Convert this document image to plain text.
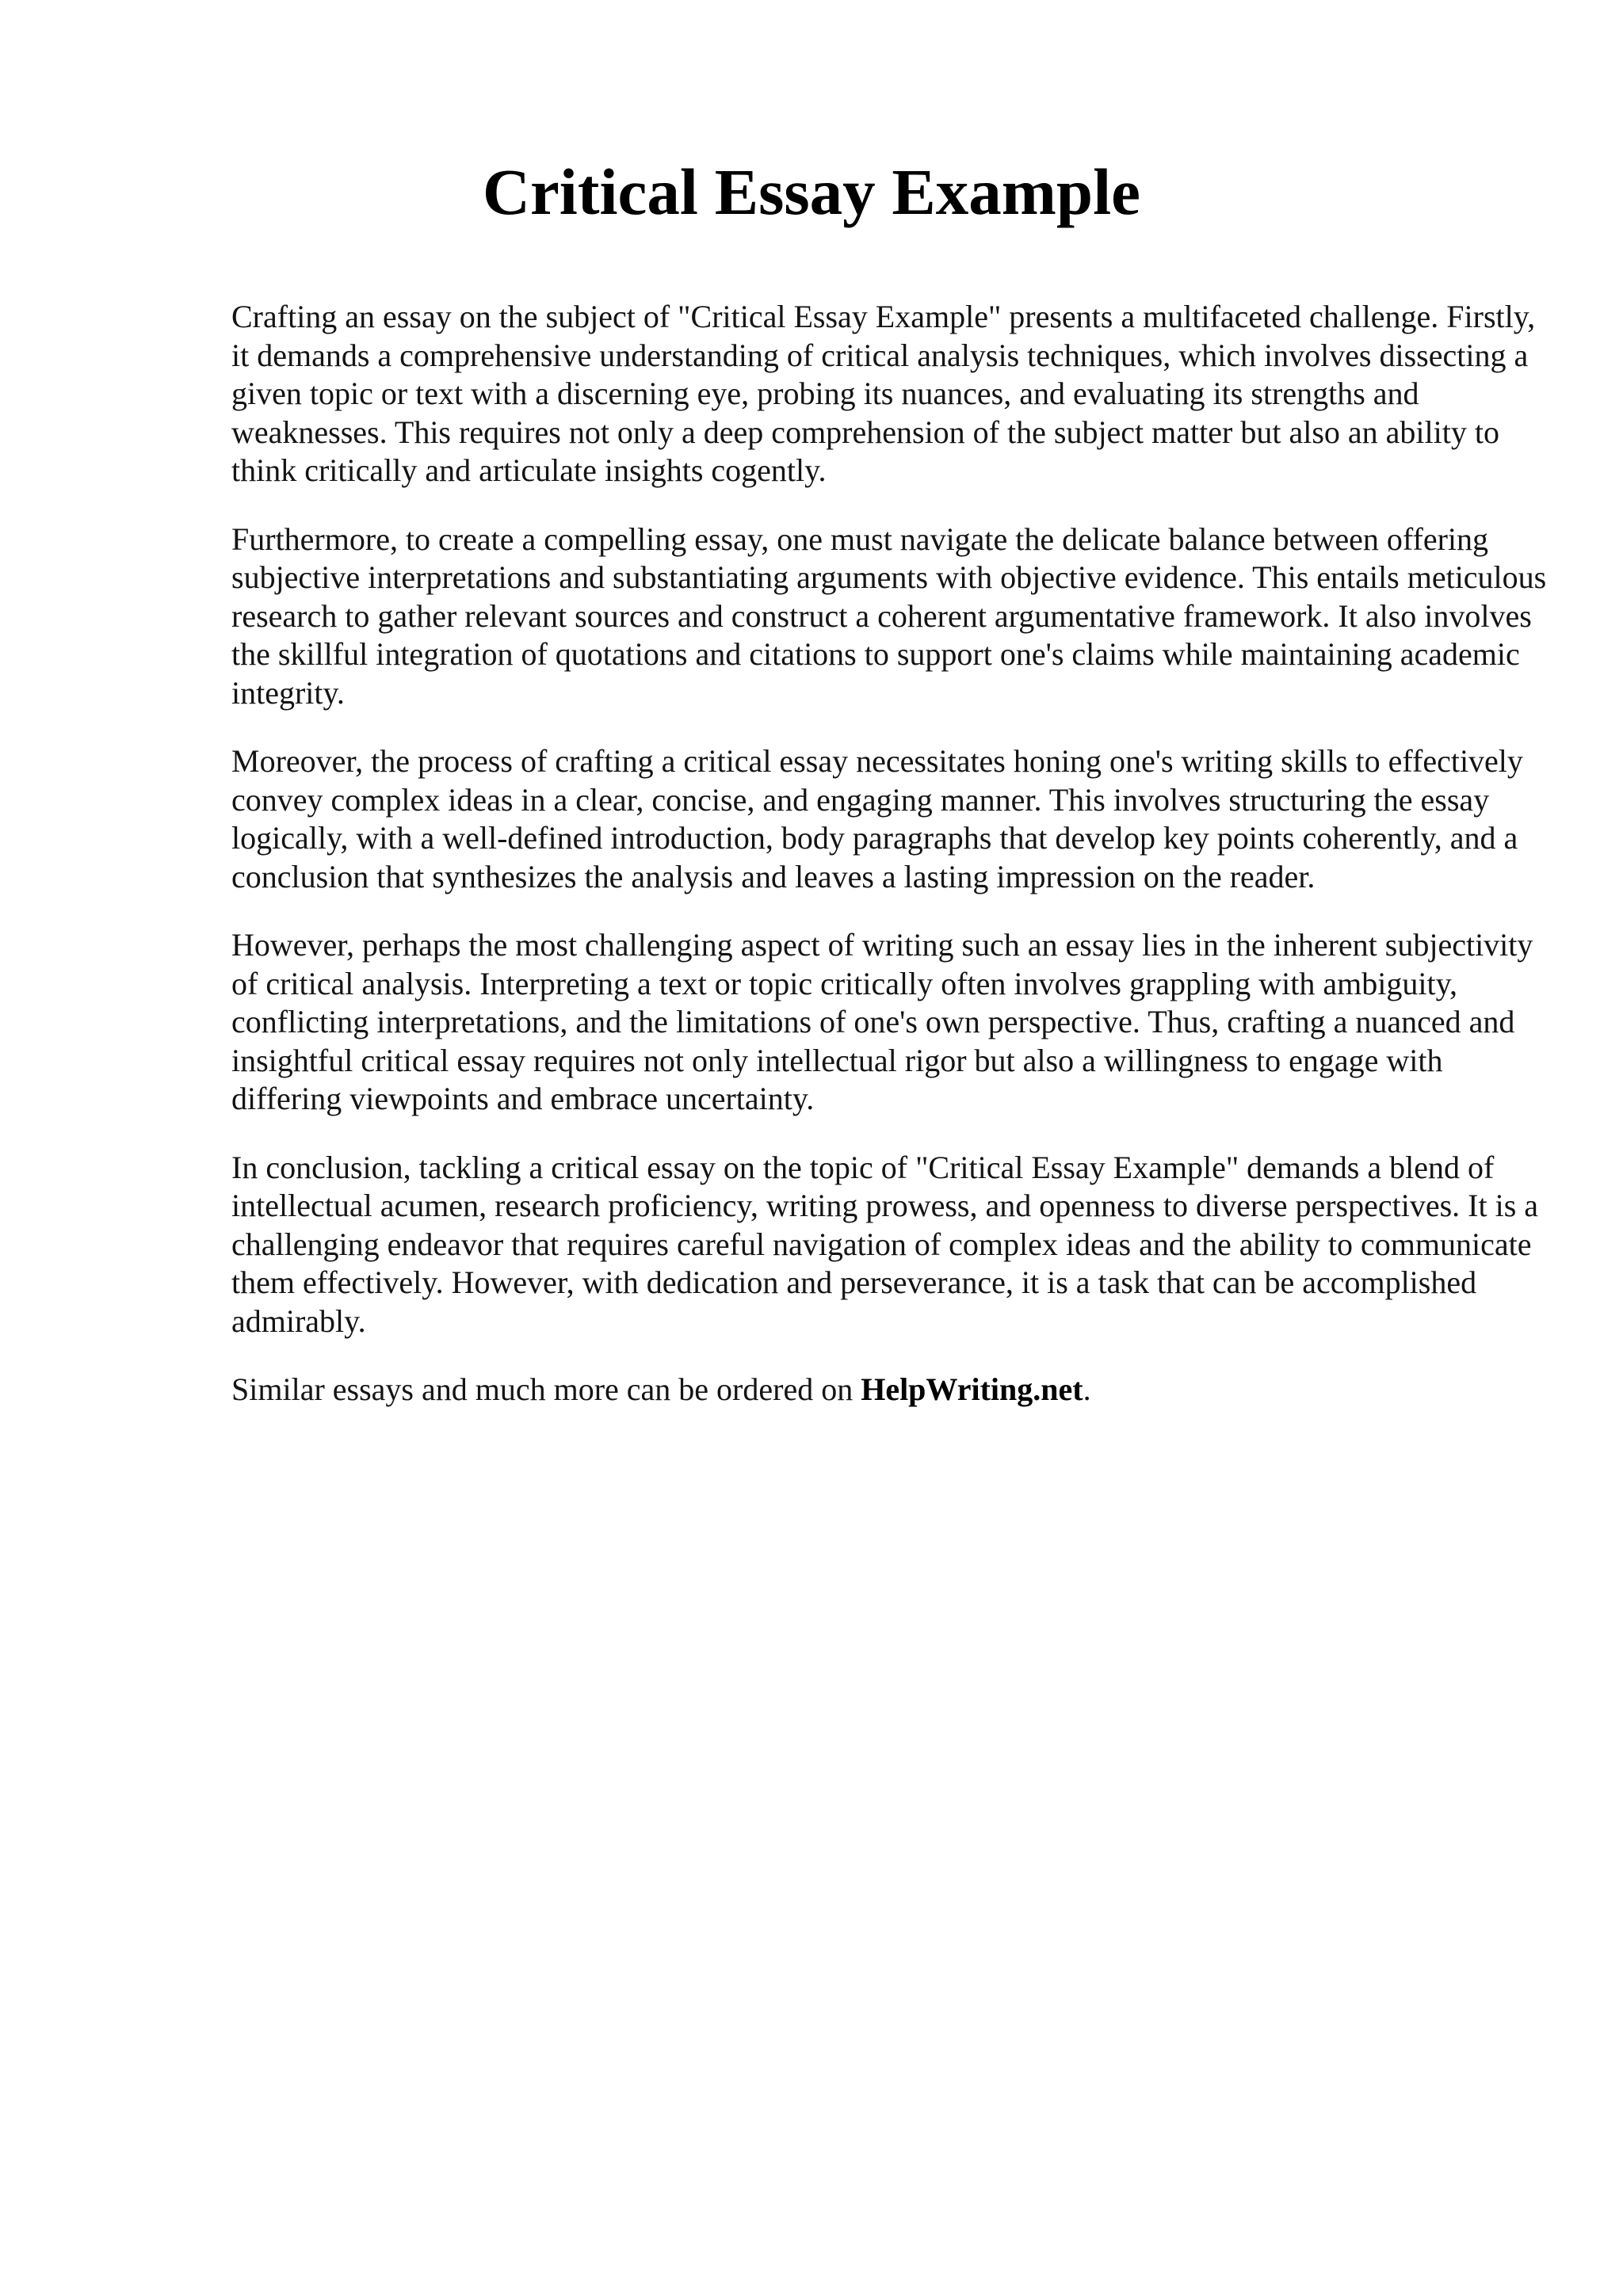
Critical Essay Example

Crafting an essay on the subject of "Critical Essay Example" presents a multifaceted challenge. Firstly, it demands a comprehensive understanding of critical analysis techniques, which involves dissecting a given topic or text with a discerning eye, probing its nuances, and evaluating its strengths and weaknesses. This requires not only a deep comprehension of the subject matter but also an ability to think critically and articulate insights cogently.

Furthermore, to create a compelling essay, one must navigate the delicate balance between offering subjective interpretations and substantiating arguments with objective evidence. This entails meticulous research to gather relevant sources and construct a coherent argumentative framework. It also involves the skillful integration of quotations and citations to support one's claims while maintaining academic integrity.

Moreover, the process of crafting a critical essay necessitates honing one's writing skills to effectively convey complex ideas in a clear, concise, and engaging manner. This involves structuring the essay logically, with a well-defined introduction, body paragraphs that develop key points coherently, and a conclusion that synthesizes the analysis and leaves a lasting impression on the reader.

However, perhaps the most challenging aspect of writing such an essay lies in the inherent subjectivity of critical analysis. Interpreting a text or topic critically often involves grappling with ambiguity, conflicting interpretations, and the limitations of one's own perspective. Thus, crafting a nuanced and insightful critical essay requires not only intellectual rigor but also a willingness to engage with differing viewpoints and embrace uncertainty.

In conclusion, tackling a critical essay on the topic of "Critical Essay Example" demands a blend of intellectual acumen, research proficiency, writing prowess, and openness to diverse perspectives. It is a challenging endeavor that requires careful navigation of complex ideas and the ability to communicate them effectively. However, with dedication and perseverance, it is a task that can be accomplished admirably.

Similar essays and much more can be ordered on HelpWriting.net.
